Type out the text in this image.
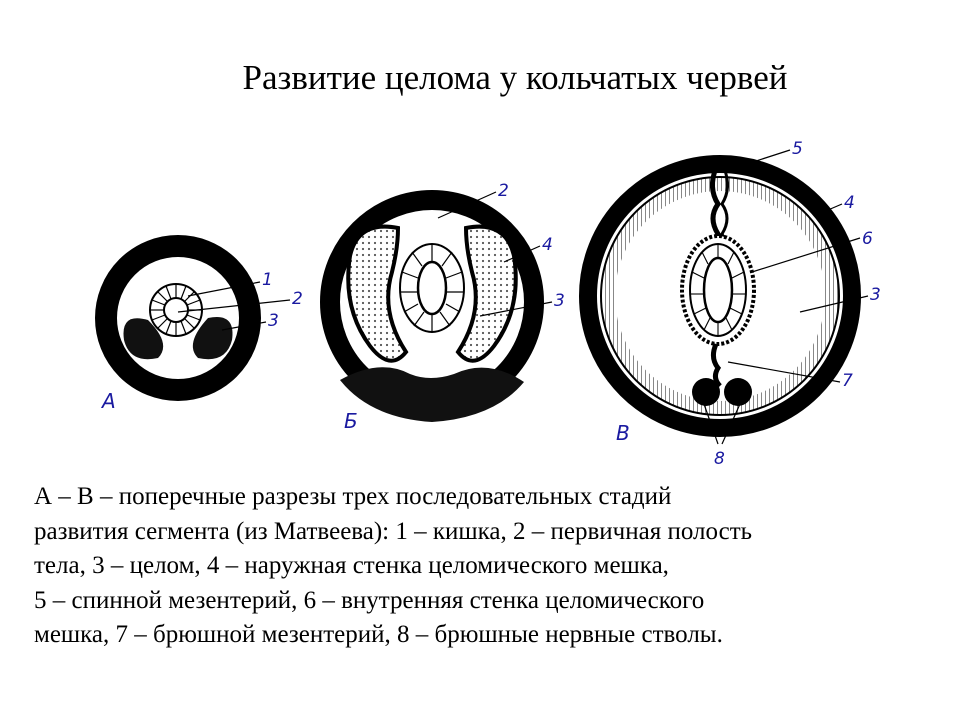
Развитие целома у кольчатых червей
1
2
3
А
2
4
3
Б
5
4
6
3
7
8
В
А – В – поперечные разрезы трех последовательных стадий
развития сегмента (из Матвеева): 1 – кишка, 2 – первичная полость
тела, 3 – целом, 4 – наружная стенка целомического мешка,
5 – спинной мезентерий, 6 – внутренняя стенка целомического
мешка, 7 – брюшной мезентерий, 8 – брюшные нервные стволы.
